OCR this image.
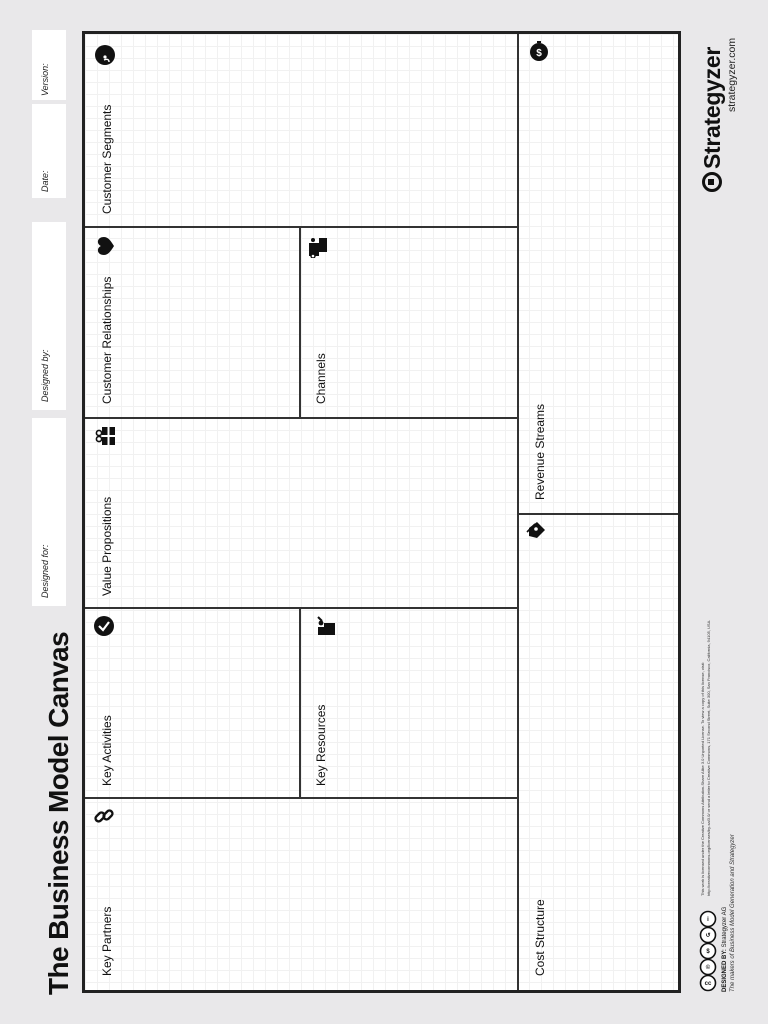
The Business Model Canvas
Designed for:
Designed by:
Date:
Version:
Key Partners
Key Activities	Key Resources
Value Propositions
Customer Relationships	Channels
Customer Segments
Cost Structure
Revenue Streams
$	Strategyzer strategyzer.com
cc
©
$
↺
i
This work is licensed under the Creative Commons Attribution-Share Alike 3.0 Unported License. To view a copy of this license, visit: http://creativecommons.org/licenses/by-sa/3.0/ or send a letter to Creative Commons, 171 Second Street, Suite 300, San Francisco, California, 94105, USA.
DESIGNED BY: Strategyzer AG The makers of Business Model Generation and Strategyzer
